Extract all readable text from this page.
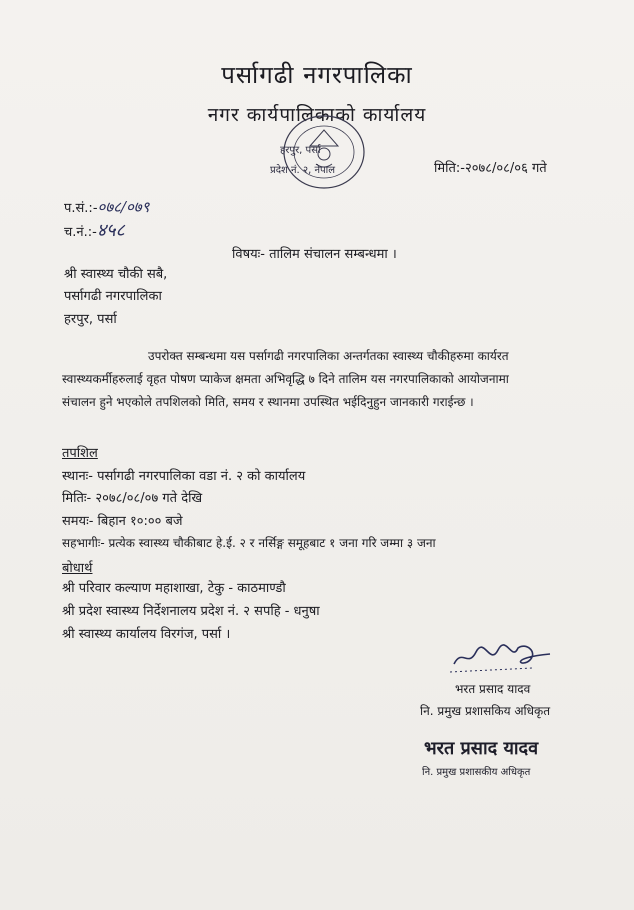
पर्सागढी नगरपालिका
नगर कार्यपालिकाको कार्यालय
हरपुर, पर्सा
प्रदेश नं. २, नेपाल	मिति:-२०७८/०८/०६ गते
प.सं.:-०७८/०७९
च.नं.:-४५८
विषयः- तालिम संचालन सम्बन्धमा ।
श्री स्वास्थ्य चौकी सबै,
पर्सागढी नगरपालिका
हरपुर, पर्सा
उपरोक्त सम्बन्धमा यस पर्सागढी नगरपालिका अन्तर्गतका स्वास्थ्य चौकीहरुमा कार्यरत
स्वास्थ्यकर्मीहरुलाई वृहत पोषण प्याकेज क्षमता अभिवृद्धि ७ दिने तालिम यस नगरपालिकाको आयोजनामा
संचालन हुने भएकोले तपशिलको मिति, समय र स्थानमा उपस्थित भईदिनुहुन जानकारी गराईन्छ ।
तपशिल
स्थानः- पर्सागढी नगरपालिका वडा नं. २ को कार्यालय
मितिः- २०७८/०८/०७ गते देखि
समयः- बिहान १०:०० बजे
सहभागीः- प्रत्येक स्वास्थ्य चौकीबाट हे.ई. २ र नर्सिङ्ग समूहबाट १ जना गरि जम्मा ३ जना
बोधार्थ
श्री परिवार कल्याण महाशाखा, टेकु - काठमाण्डौ
श्री प्रदेश स्वास्थ्य निर्देशनालय प्रदेश नं. २ सपहि - धनुषा
श्री स्वास्थ्य कार्यालय विरगंज, पर्सा ।
भरत प्रसाद यादव
नि. प्रमुख प्रशासकिय अधिकृत
भरत प्रसाद यादव
नि. प्रमुख प्रशासकीय अधिकृत
